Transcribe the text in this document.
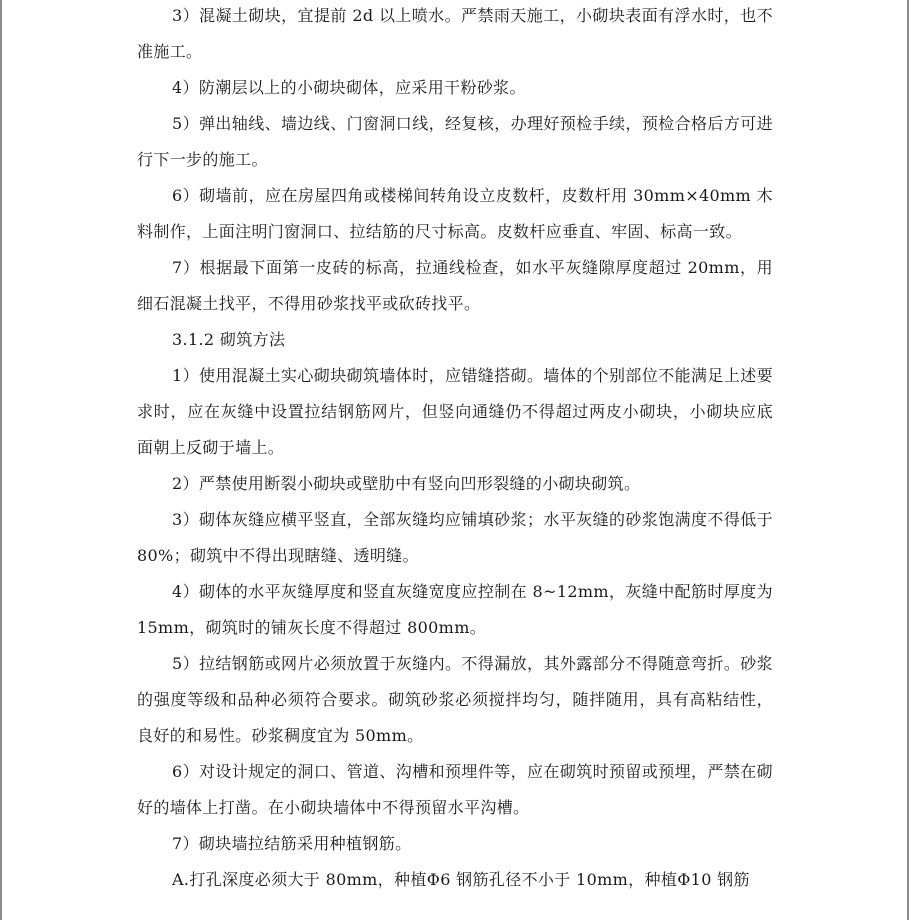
3）混凝土砌块，宜提前 2d 以上喷水。严禁雨天施工，小砌块表面有浮水时，也不准施工。

4）防潮层以上的小砌块砌体，应采用干粉砂浆。

5）弹出轴线、墙边线、门窗洞口线，经复核，办理好预检手续，预检合格后方可进行下一步的施工。

6）砌墙前，应在房屋四角或楼梯间转角设立皮数杆，皮数杆用 30mm×40mm 木料制作，上面注明门窗洞口、拉结筋的尺寸标高。皮数杆应垂直、牢固、标高一致。

7）根据最下面第一皮砖的标高，拉通线检查，如水平灰缝隙厚度超过 20mm，用细石混凝土找平，不得用砂浆找平或砍砖找平。

3.1.2 砌筑方法

1）使用混凝土实心砌块砌筑墙体时，应错缝搭砌。墙体的个别部位不能满足上述要求时，应在灰缝中设置拉结钢筋网片，但竖向通缝仍不得超过两皮小砌块，小砌块应底面朝上反砌于墙上。

2）严禁使用断裂小砌块或壁肋中有竖向凹形裂缝的小砌块砌筑。

3）砌体灰缝应横平竖直，全部灰缝均应铺填砂浆；水平灰缝的砂浆饱满度不得低于 80%；砌筑中不得出现瞎缝、透明缝。

4）砌体的水平灰缝厚度和竖直灰缝宽度应控制在 8~12mm，灰缝中配筋时厚度为 15mm，砌筑时的铺灰长度不得超过 800mm。

5）拉结钢筋或网片必须放置于灰缝内。不得漏放，其外露部分不得随意弯折。砂浆的强度等级和品种必须符合要求。砌筑砂浆必须搅拌均匀，随拌随用，具有高粘结性，良好的和易性。砂浆稠度宜为 50mm。

6）对设计规定的洞口、管道、沟槽和预埋件等，应在砌筑时预留或预埋，严禁在砌好的墙体上打凿。在小砌块墙体中不得预留水平沟槽。

7）砌块墙拉结筋采用种植钢筋。

A.打孔深度必须大于 80mm，种植Φ6 钢筋孔径不小于 10mm，种植Φ10 钢筋
